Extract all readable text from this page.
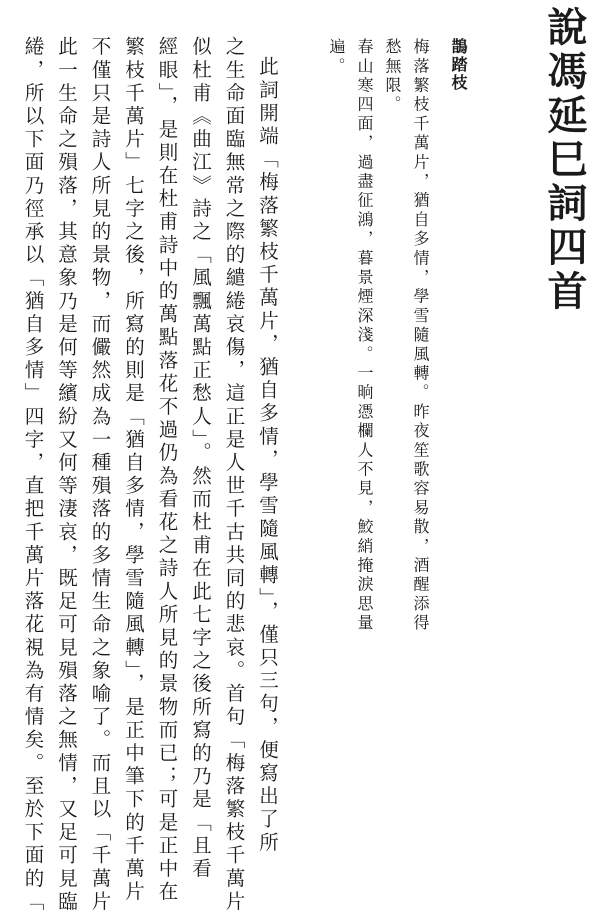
說馮延巳詞四首
鵲踏枝
梅落繁枝千萬片，猶自多情，學雪隨風轉。昨夜笙歌容易散，酒醒添得愁無限。
春山寒四面，過盡征鴻，暮景煙深淺。一晌憑欄人不見，鮫綃掩淚思量遍。
此詞開端「梅落繁枝千萬片，猶自多情，學雪隨風轉」，僅只三句，便寫出了所
之生命面臨無常之際的繾綣哀傷，這正是人世千古共同的悲哀。首句「梅落繁枝千萬片
似杜甫《曲江》詩之「風飄萬點正愁人」。然而杜甫在此七字之後所寫的乃是「且看
經眼」，是則在杜甫詩中的萬點落花不過仍為看花之詩人所見的景物而已；可是正中在
繁枝千萬片」七字之後，所寫的則是「猶自多情，學雪隨風轉」，是正中筆下的千萬片
不僅只是詩人所見的景物，而儼然成為一種殞落的多情生命之象喻了。而且以「千萬片
此一生命之殞落，其意象乃是何等繽紛又何等淒哀，既足可見殞落之無情，又足可見臨
綣，所以下面乃徑承以「猶自多情」四字，直把千萬片落花視為有情矣。至於下面的「
